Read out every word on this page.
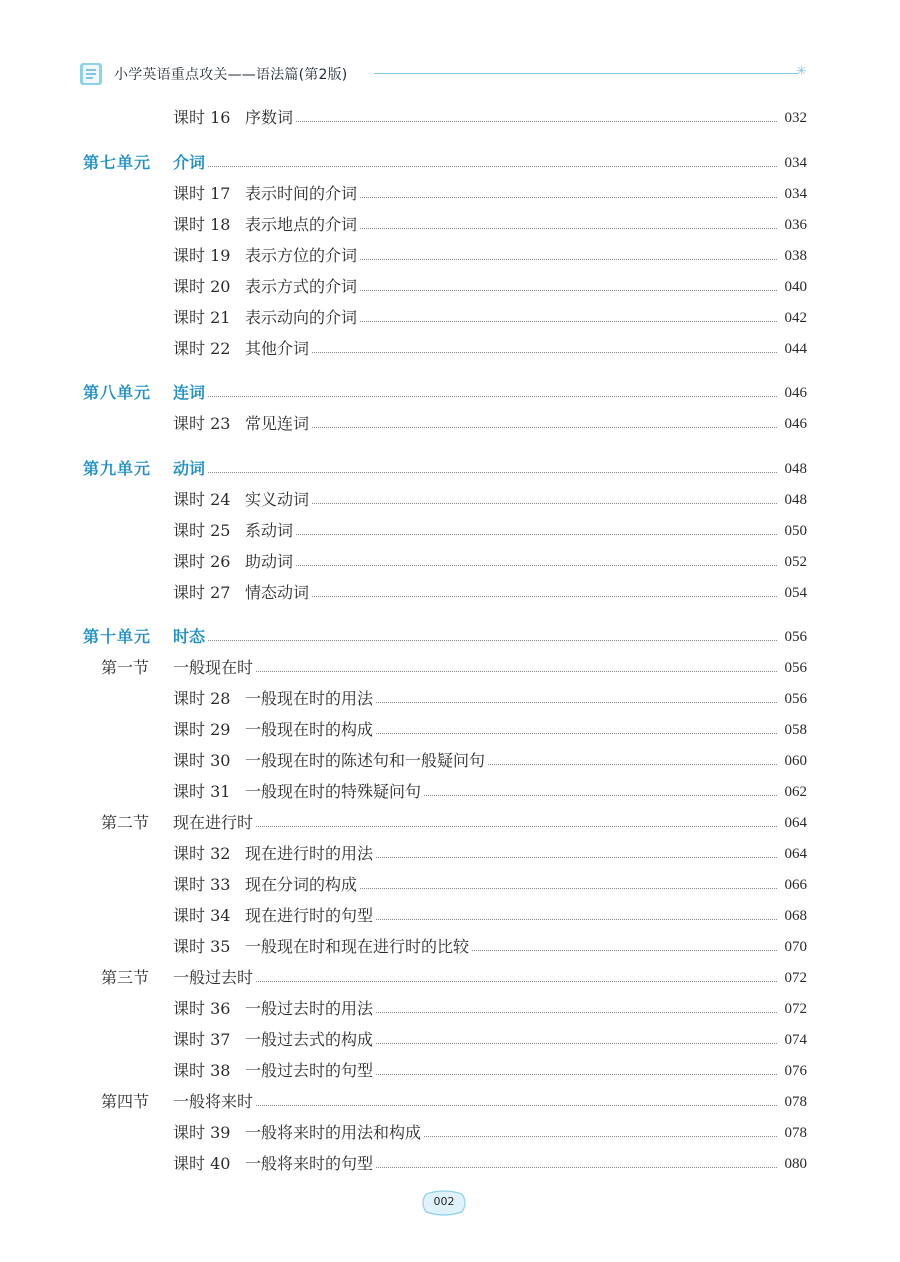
小学英语重点攻关——语法篇(第2版)	✳
课时 16 序数词	032
第七单元 介词	034
课时 17 表示时间的介词	034
课时 18 表示地点的介词	036
课时 19 表示方位的介词	038
课时 20 表示方式的介词	040
课时 21 表示动向的介词	042
课时 22 其他介词	044
第八单元 连词	046
课时 23 常见连词	046
第九单元 动词	048
课时 24 实义动词	048
课时 25 系动词	050
课时 26 助动词	052
课时 27 情态动词	054
第十单元 时态	056
第一节 一般现在时	056
课时 28 一般现在时的用法	056
课时 29 一般现在时的构成	058
课时 30 一般现在时的陈述句和一般疑问句	060
课时 31 一般现在时的特殊疑问句	062
第二节 现在进行时	064
课时 32 现在进行时的用法	064
课时 33 现在分词的构成	066
课时 34 现在进行时的句型	068
课时 35 一般现在时和现在进行时的比较	070
第三节 一般过去时	072
课时 36 一般过去时的用法	072
课时 37 一般过去式的构成	074
课时 38 一般过去时的句型	076
第四节 一般将来时	078
课时 39 一般将来时的用法和构成	078
课时 40 一般将来时的句型	080
002
